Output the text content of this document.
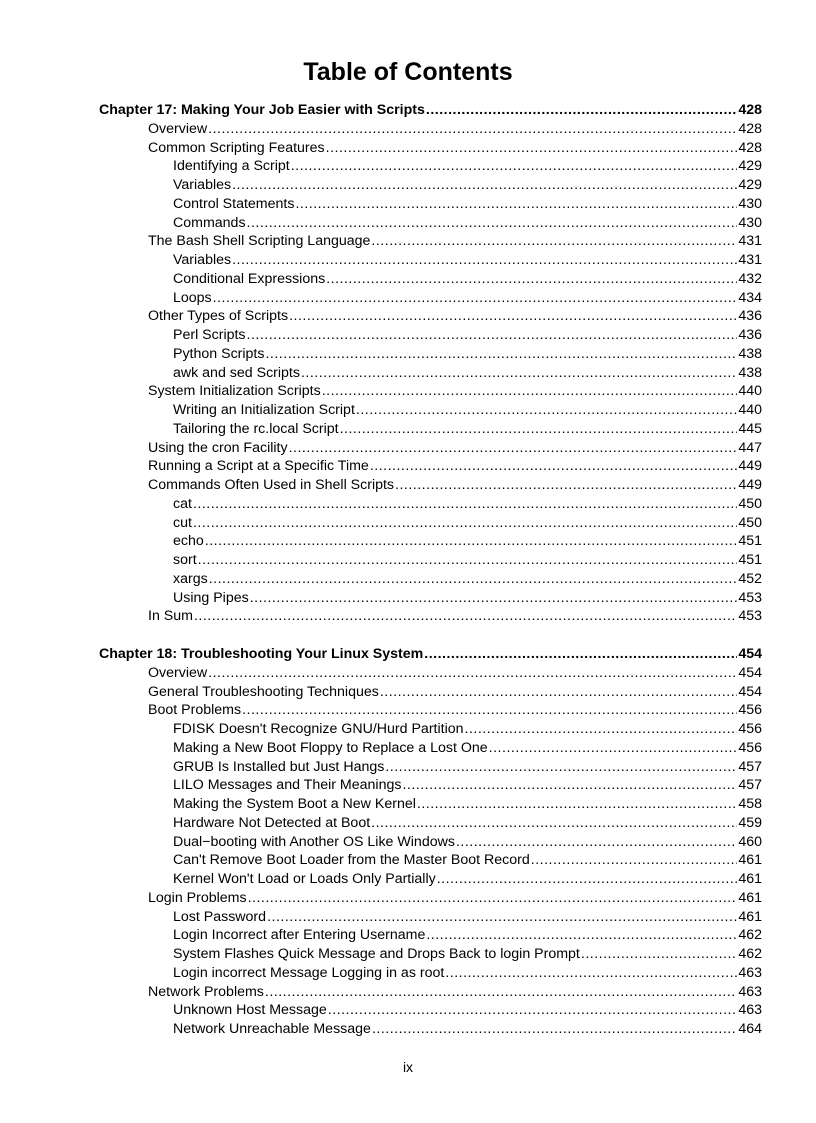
Table of Contents
Chapter 17: Making Your Job Easier with Scripts .....	428
Overview .....	428
Common Scripting Features .....	428
Identifying a Script .....	429
Variables .....	429
Control Statements .....	430
Commands .....	430
The Bash Shell Scripting Language .....	431
Variables .....	431
Conditional Expressions .....	432
Loops .....	434
Other Types of Scripts .....	436
Perl Scripts .....	436
Python Scripts .....	438
awk and sed Scripts .....	438
System Initialization Scripts .....	440
Writing an Initialization Script .....	440
Tailoring the rc.local Script .....	445
Using the cron Facility .....	447
Running a Script at a Specific Time .....	449
Commands Often Used in Shell Scripts .....	449
cat .....	450
cut .....	450
echo .....	451
sort .....	451
xargs .....	452
Using Pipes .....	453
In Sum .....	453
Chapter 18: Troubleshooting Your Linux System .....	454
Overview .....	454
General Troubleshooting Techniques .....	454
Boot Problems .....	456
FDISK Doesn't Recognize GNU/Hurd Partition .....	456
Making a New Boot Floppy to Replace a Lost One .....	456
GRUB Is Installed but Just Hangs .....	457
LILO Messages and Their Meanings .....	457
Making the System Boot a New Kernel .....	458
Hardware Not Detected at Boot .....	459
Dual−booting with Another OS Like Windows .....	460
Can't Remove Boot Loader from the Master Boot Record .....	461
Kernel Won't Load or Loads Only Partially .....	461
Login Problems .....	461
Lost Password .....	461
Login Incorrect after Entering Username .....	462
System Flashes Quick Message and Drops Back to login Prompt .....	462
Login incorrect Message Logging in as root .....	463
Network Problems .....	463
Unknown Host Message .....	463
Network Unreachable Message .....	464
ix
